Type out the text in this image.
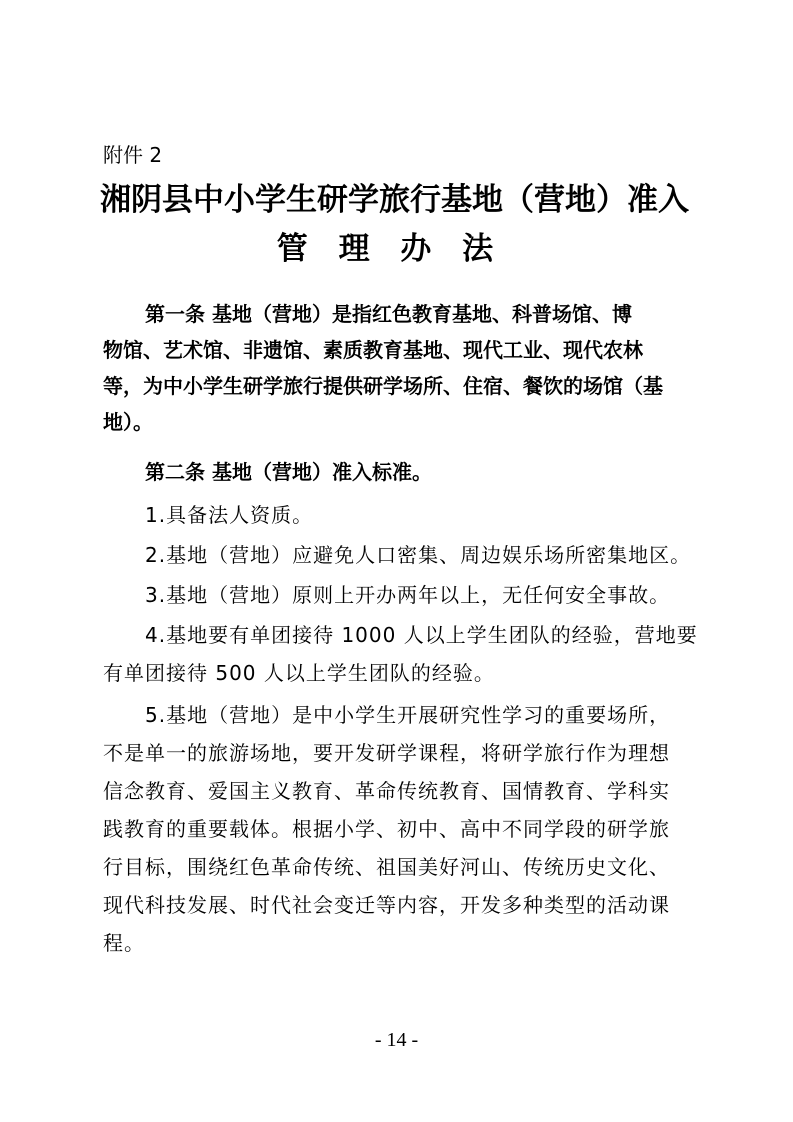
附件 2
湘阴县中小学生研学旅行基地（营地）准入
管 理 办 法
第一条 基地（营地）是指红色教育基地、科普场馆、博
物馆、艺术馆、非遗馆、素质教育基地、现代工业、现代农林
等，为中小学生研学旅行提供研学场所、住宿、餐饮的场馆（基
地）。
第二条 基地（营地）准入标准。
1.具备法人资质。
2.基地（营地）应避免人口密集、周边娱乐场所密集地区。
3.基地（营地）原则上开办两年以上，无任何安全事故。
4.基地要有单团接待 1000 人以上学生团队的经验，营地要
有单团接待 500 人以上学生团队的经验。
5.基地（营地）是中小学生开展研究性学习的重要场所，
不是单一的旅游场地，要开发研学课程，将研学旅行作为理想
信念教育、爱国主义教育、革命传统教育、国情教育、学科实
践教育的重要载体。根据小学、初中、高中不同学段的研学旅
行目标，围绕红色革命传统、祖国美好河山、传统历史文化、
现代科技发展、时代社会变迁等内容，开发多种类型的活动课
程。
- 14 -
